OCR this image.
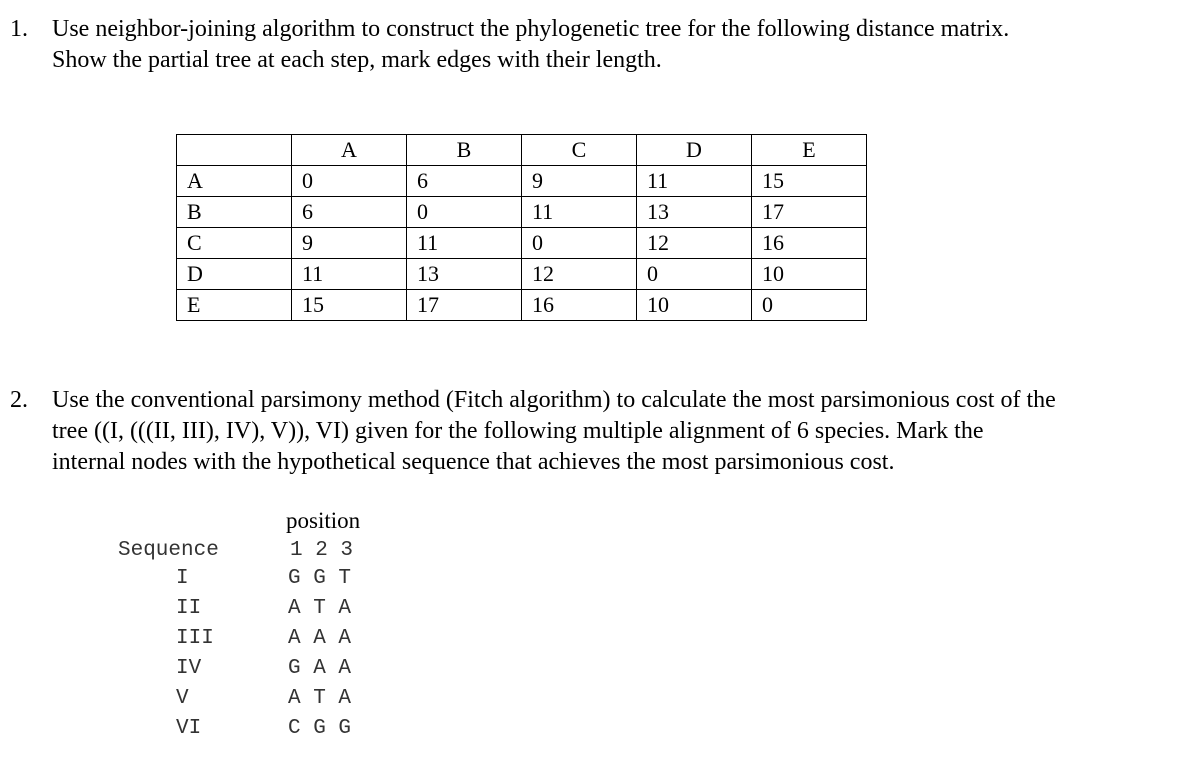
1. Use neighbor-joining algorithm to construct the phylogenetic tree for the following distance matrix.
Show the partial tree at each step, mark edges with their length.
	A	B	C	D	E
A	0	6	9	11	15
B	6	0	11	13	17
C	9	11	0	12	16
D	11	13	12	0	10
E	15	17	16	10	0
2. Use the conventional parsimony method (Fitch algorithm) to calculate the most parsimonious cost of the
tree ((I, (((II, III), IV), V)), VI) given for the following multiple alignment of 6 species. Mark the
internal nodes with the hypothetical sequence that achieves the most parsimonious cost.
position
Sequence	1 2 3
I	G G T
II	A T A
III	A A A
IV	G A A
V	A T A
VI	C G G
